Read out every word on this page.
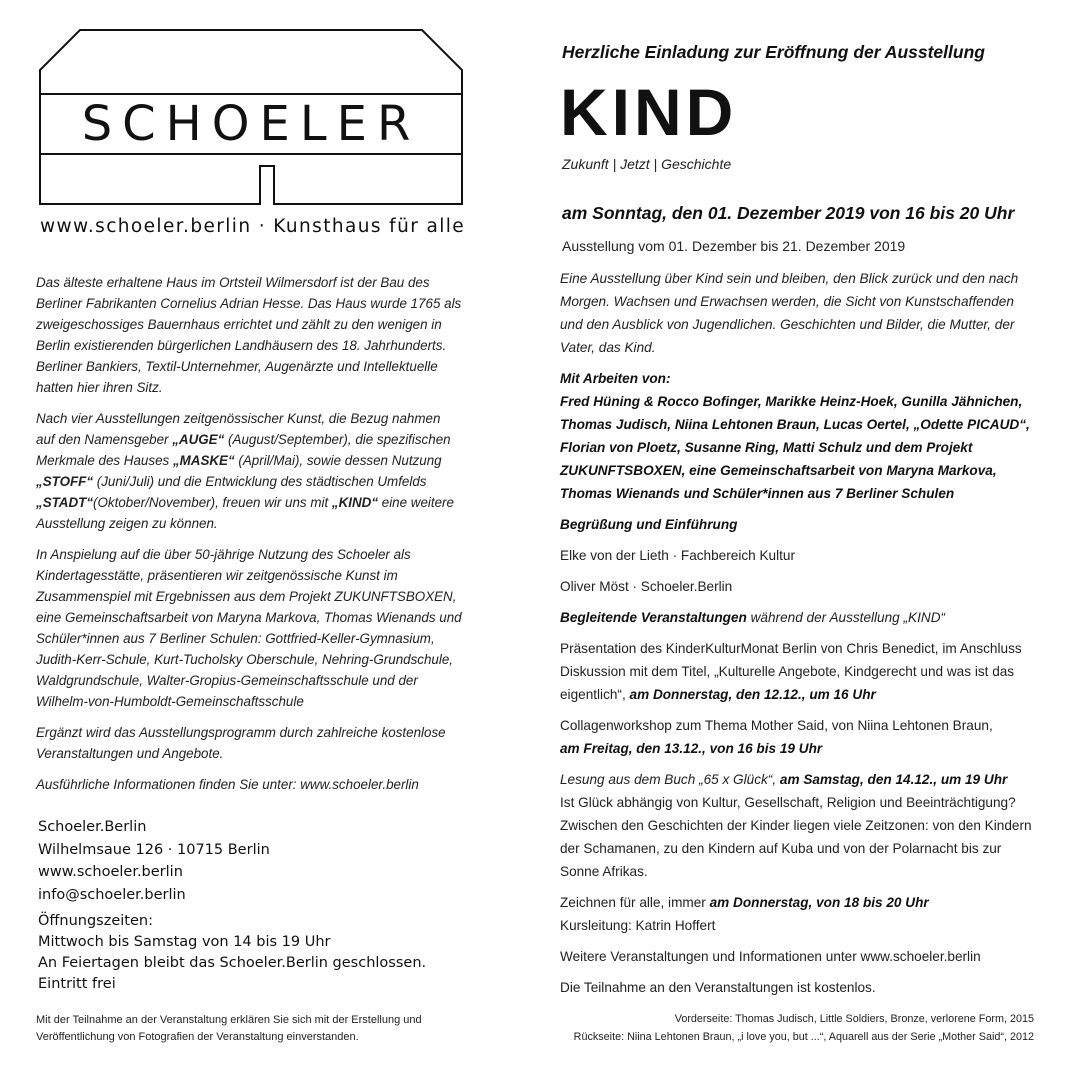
SCHOELER
www.schoeler.berlin · Kunsthaus für alle

Das älteste erhaltene Haus im Ortsteil Wilmersdorf ist der Bau des Berliner Fabrikanten Cornelius Adrian Hesse. Das Haus wurde 1765 als zweigeschossiges Bauernhaus errichtet und zählt zu den wenigen in Berlin existierenden bürgerlichen Landhäusern des 18. Jahrhunderts. Berliner Bankiers, Textil-Unternehmer, Augenärzte und Intellektuelle hatten hier ihren Sitz.

Nach vier Ausstellungen zeitgenössischer Kunst, die Bezug nahmen auf den Namensgeber „AUGE“ (August/September), die spezifischen Merkmale des Hauses „MASKE“ (April/Mai), sowie dessen Nutzung „STOFF“ (Juni/Juli) und die Entwicklung des städtischen Umfelds „STADT“(Oktober/November), freuen wir uns mit „KIND“ eine weitere Ausstellung zeigen zu können.

In Anspielung auf die über 50-jährige Nutzung des Schoeler als Kindertagesstätte, präsentieren wir zeitgenössische Kunst im Zusammenspiel mit Ergebnissen aus dem Projekt ZUKUNFTSBOXEN, eine Gemeinschaftsarbeit von Maryna Markova, Thomas Wienands und Schüler*innen aus 7 Berliner Schulen: Gottfried-Keller-Gymnasium, Judith-Kerr-Schule, Kurt-Tucholsky Oberschule, Nehring-Grundschule, Waldgrundschule, Walter-Gropius-Gemeinschaftsschule und der Wilhelm-von-Humboldt-Gemeinschaftsschule

Ergänzt wird das Ausstellungsprogramm durch zahlreiche kostenlose Veranstaltungen und Angebote.

Ausführliche Informationen finden Sie unter: www.schoeler.berlin

Schoeler.Berlin
Wilhelmsaue 126 · 10715 Berlin
www.schoeler.berlin
info@schoeler.berlin
Öffnungszeiten:
Mittwoch bis Samstag von 14 bis 19 Uhr
An Feiertagen bleibt das Schoeler.Berlin geschlossen.
Eintritt frei
Mit der Teilnahme an der Veranstaltung erklären Sie sich mit der Erstellung und Veröffentlichung von Fotografien der Veranstaltung einverstanden.
Herzliche Einladung zur Eröffnung der Ausstellung
KIND
Zukunft | Jetzt | Geschichte
am Sonntag, den 01. Dezember 2019 von 16 bis 20 Uhr
Ausstellung vom 01. Dezember bis 21. Dezember 2019

Eine Ausstellung über Kind sein und bleiben, den Blick zurück und den nach Morgen. Wachsen und Erwachsen werden, die Sicht von Kunstschaffenden und den Ausblick von Jugendlichen. Geschichten und Bilder, die Mutter, der Vater, das Kind.

Mit Arbeiten von:

Fred Hüning & Rocco Bofinger, Marikke Heinz-Hoek, Gunilla Jähnichen, Thomas Judisch, Niina Lehtonen Braun, Lucas Oertel, „Odette PICAUD“, Florian von Ploetz, Susanne Ring, Matti Schulz und dem Projekt ZUKUNFTSBOXEN, eine Gemeinschaftsarbeit von Maryna Markova, Thomas Wienands und Schüler*innen aus 7 Berliner Schulen

Begrüßung und Einführung

Elke von der Lieth · Fachbereich Kultur

Oliver Möst · Schoeler.Berlin

Begleitende Veranstaltungen während der Ausstellung „KIND“

Präsentation des KinderKulturMonat Berlin von Chris Benedict, im Anschluss Diskussion mit dem Titel, „Kulturelle Angebote, Kindgerecht und was ist das eigentlich“, am Donnerstag, den 12.12., um 16 Uhr

Collagenworkshop zum Thema Mother Said, von Niina Lehtonen Braun,
am Freitag, den 13.12., von 16 bis 19 Uhr

Lesung aus dem Buch „65 x Glück“, am Samstag, den 14.12., um 19 Uhr
Ist Glück abhängig von Kultur, Gesellschaft, Religion und Beeinträchtigung? Zwischen den Geschichten der Kinder liegen viele Zeitzonen: von den Kindern der Schamanen, zu den Kindern auf Kuba und von der Polarnacht bis zur Sonne Afrikas.

Zeichnen für alle, immer am Donnerstag, von 18 bis 20 Uhr
Kursleitung: Katrin Hoffert

Weitere Veranstaltungen und Informationen unter www.schoeler.berlin

Die Teilnahme an den Veranstaltungen ist kostenlos.

Vorderseite: Thomas Judisch, Little Soldiers, Bronze, verlorene Form, 2015
Rückseite: Niina Lehtonen Braun, „i love you, but ...“, Aquarell aus der Serie „Mother Said“, 2012
